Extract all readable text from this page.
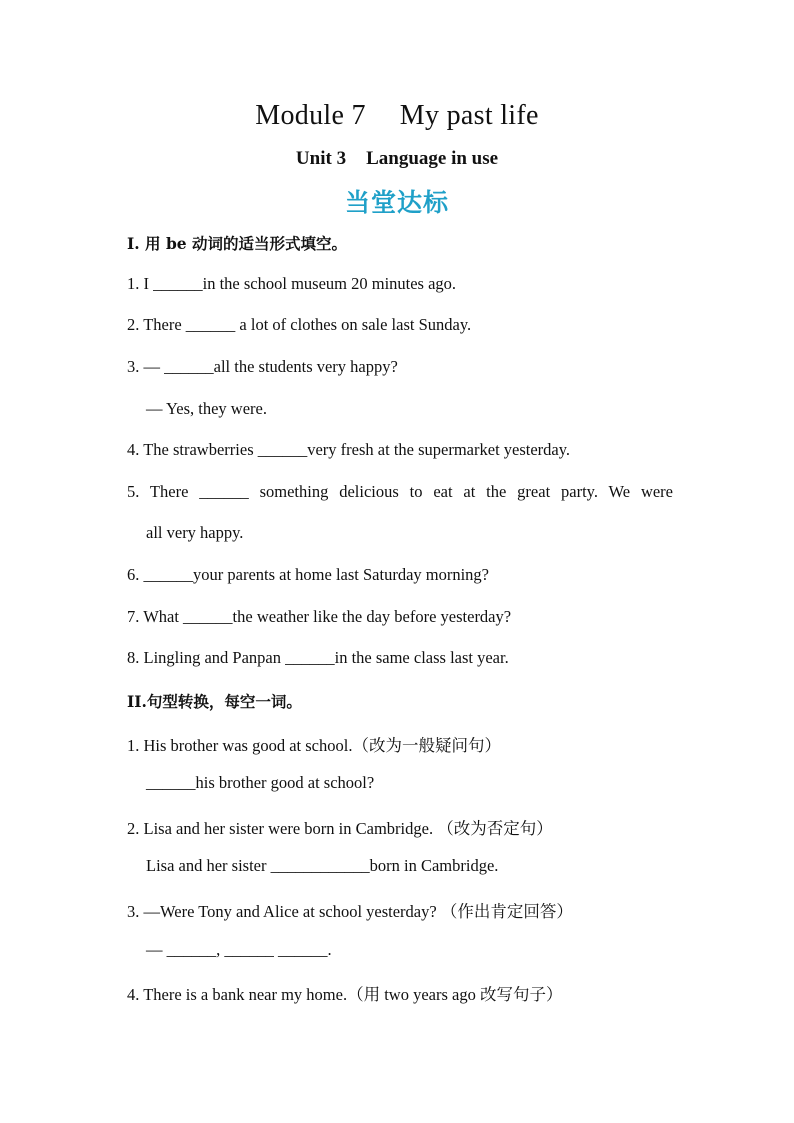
Module 7 My past life
Unit 3 Language in use
当堂达标
I. 用 be 动词的适当形式填空。
1. I ______in the school museum 20 minutes ago.
2. There ______ a lot of clothes on sale last Sunday.
3. — ______all the students very happy?
— Yes, they were.
4. The strawberries ______very fresh at the supermarket yesterday.
5. There ______ something delicious to eat at the great party. We were
all very happy.
6. ______your parents at home last Saturday morning?
7. What ______the weather like the day before yesterday?
8. Lingling and Panpan ______in the same class last year.
II.句型转换，每空一词。
1. His brother was good at school.（改为一般疑问句）
______his brother good at school?
2. Lisa and her sister were born in Cambridge. （改为否定句）
Lisa and her sister ____________born in Cambridge.
3. —Were Tony and Alice at school yesterday? （作出肯定回答）
— ______, ______ ______.
4. There is a bank near my home.（用 two years ago 改写句子）
